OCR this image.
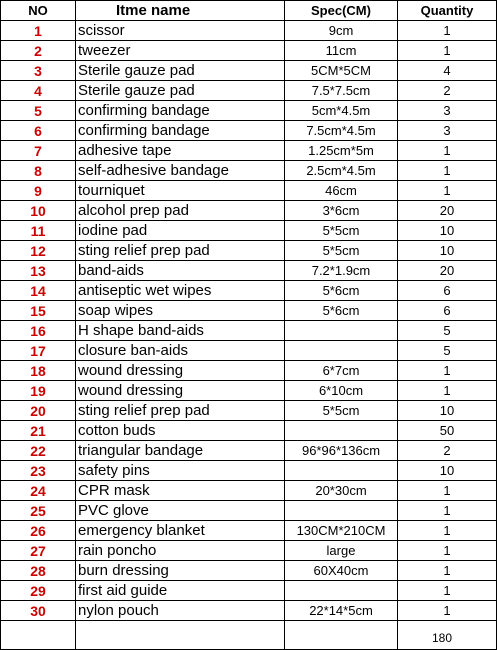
NO	Itme name	Spec(CM)	Quantity
1	scissor	9cm	1
2	tweezer	11cm	1
3	Sterile gauze pad	5CM*5CM	4
4	Sterile gauze pad	7.5*7.5cm	2
5	confirming bandage	5cm*4.5m	3
6	confirming bandage	7.5cm*4.5m	3
7	adhesive tape	1.25cm*5m	1
8	self-adhesive bandage	2.5cm*4.5m	1
9	tourniquet	46cm	1
10	alcohol prep pad	3*6cm	20
11	iodine pad	5*5cm	10
12	sting relief prep pad	5*5cm	10
13	band-aids	7.2*1.9cm	20
14	antiseptic wet wipes	5*6cm	6
15	soap wipes	5*6cm	6
16	H shape band-aids		5
17	closure ban-aids		5
18	wound dressing	6*7cm	1
19	wound dressing	6*10cm	1
20	sting relief prep pad	5*5cm	10
21	cotton buds		50
22	triangular bandage	96*96*136cm	2
23	safety pins		10
24	CPR mask	20*30cm	1
25	PVC glove		1
26	emergency blanket	130CM*210CM	1
27	rain poncho	large	1
28	burn dressing	60X40cm	1
29	first aid guide		1
30	nylon pouch	22*14*5cm	1
			180
